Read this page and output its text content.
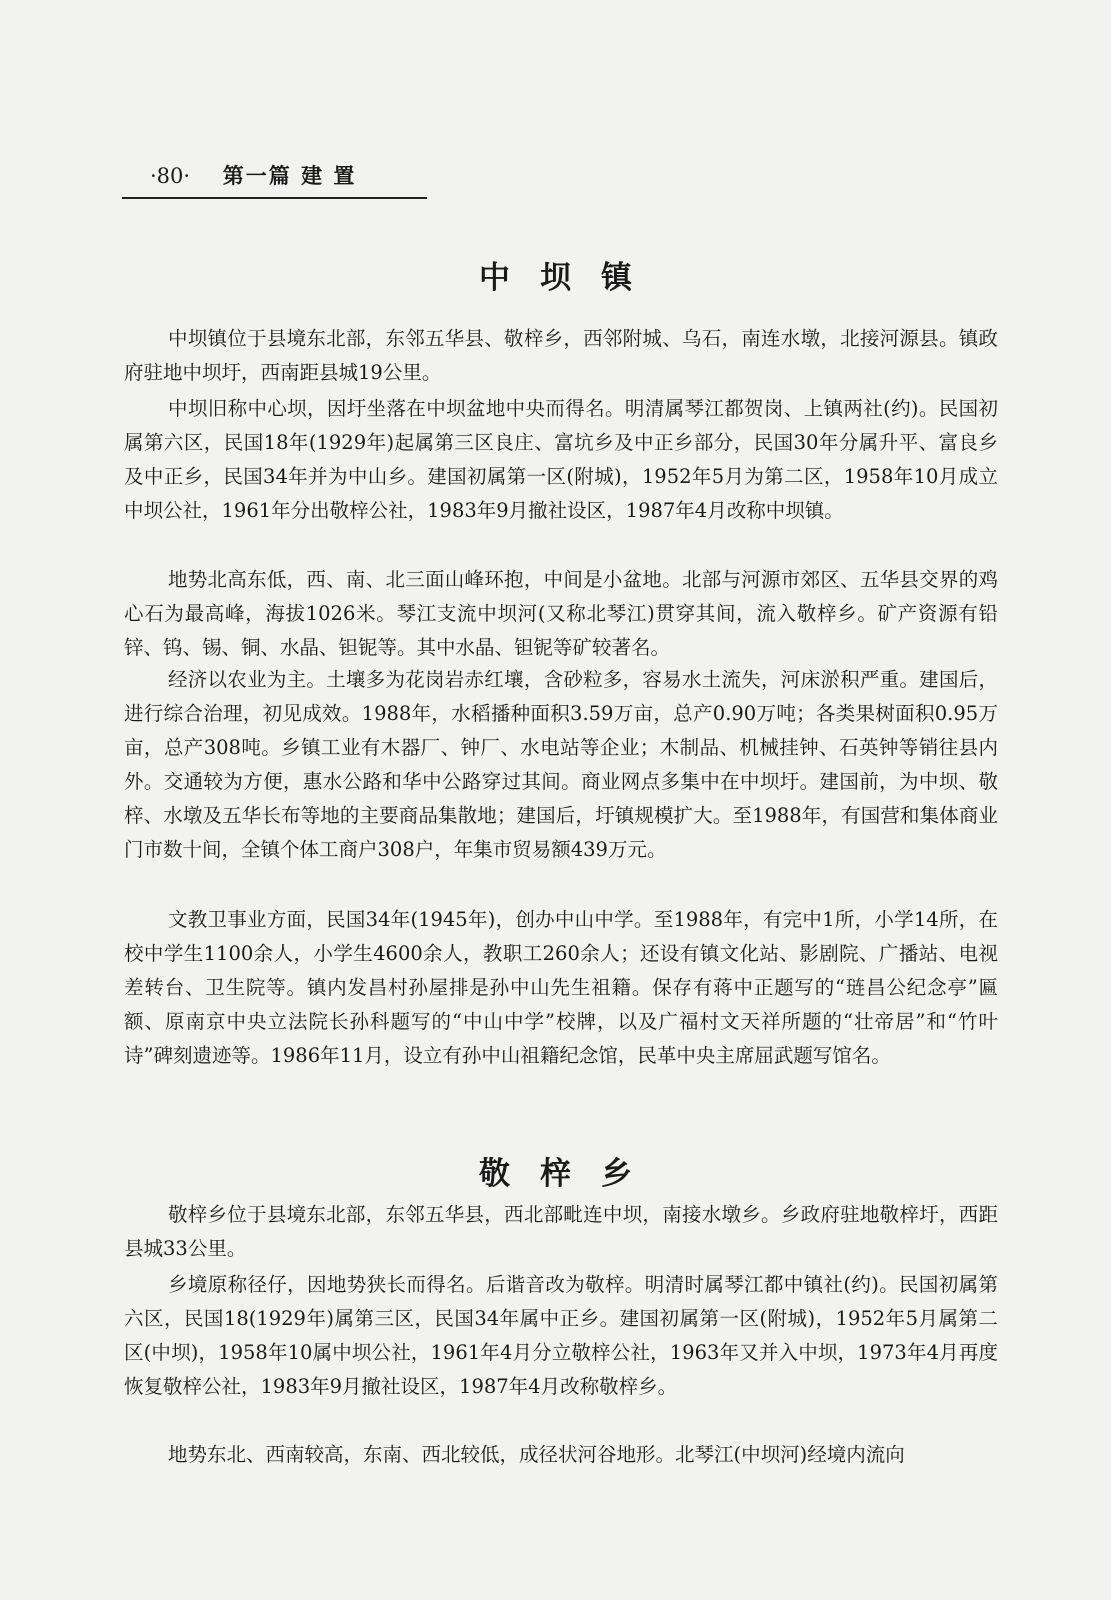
·80· 第一篇 建 置
中坝镇
中坝镇位于县境东北部，东邻五华县、敬梓乡，西邻附城、乌石，南连水墩，北接河源县。镇政府驻地中坝圩，西南距县城19公里。
中坝旧称中心坝，因圩坐落在中坝盆地中央而得名。明清属琴江都贺岗、上镇两社(约)。民国初属第六区，民国18年(1929年)起属第三区良庄、富坑乡及中正乡部分，民国30年分属升平、富良乡及中正乡，民国34年并为中山乡。建国初属第一区(附城)，1952年5月为第二区，1958年10月成立中坝公社，1961年分出敬梓公社，1983年9月撤社设区，1987年4月改称中坝镇。
地势北高东低，西、南、北三面山峰环抱，中间是小盆地。北部与河源市郊区、五华县交界的鸡心石为最高峰，海拔1026米。琴江支流中坝河(又称北琴江)贯穿其间，流入敬梓乡。矿产资源有铅锌、钨、锡、铜、水晶、钽铌等。其中水晶、钽铌等矿较著名。
经济以农业为主。土壤多为花岗岩赤红壤，含砂粒多，容易水土流失，河床淤积严重。建国后，进行综合治理，初见成效。1988年，水稻播种面积3.59万亩，总产0.90万吨；各类果树面积0.95万亩，总产308吨。乡镇工业有木器厂、钟厂、水电站等企业；木制品、机械挂钟、石英钟等销往县内外。交通较为方便，惠水公路和华中公路穿过其间。商业网点多集中在中坝圩。建国前，为中坝、敬梓、水墩及五华长布等地的主要商品集散地；建国后，圩镇规模扩大。至1988年，有国营和集体商业门市数十间，全镇个体工商户308户，年集市贸易额439万元。
文教卫事业方面，民国34年(1945年)，创办中山中学。至1988年，有完中1所，小学14所，在校中学生1100余人，小学生4600余人，教职工260余人；还设有镇文化站、影剧院、广播站、电视差转台、卫生院等。镇内发昌村孙屋排是孙中山先生祖籍。保存有蒋中正题写的“琏昌公纪念亭”匾额、原南京中央立法院长孙科题写的“中山中学”校牌，以及广福村文天祥所题的“壮帝居”和“竹叶诗”碑刻遗迹等。1986年11月，设立有孙中山祖籍纪念馆，民革中央主席屈武题写馆名。
敬梓乡
敬梓乡位于县境东北部，东邻五华县，西北部毗连中坝，南接水墩乡。乡政府驻地敬梓圩，西距县城33公里。
乡境原称径仔，因地势狭长而得名。后谐音改为敬梓。明清时属琴江都中镇社(约)。民国初属第六区，民国18(1929年)属第三区，民国34年属中正乡。建国初属第一区(附城)，1952年5月属第二区(中坝)，1958年10属中坝公社，1961年4月分立敬梓公社，1963年又并入中坝，1973年4月再度恢复敬梓公社，1983年9月撤社设区，1987年4月改称敬梓乡。
地势东北、西南较高，东南、西北较低，成径状河谷地形。北琴江(中坝河)经境内流向
